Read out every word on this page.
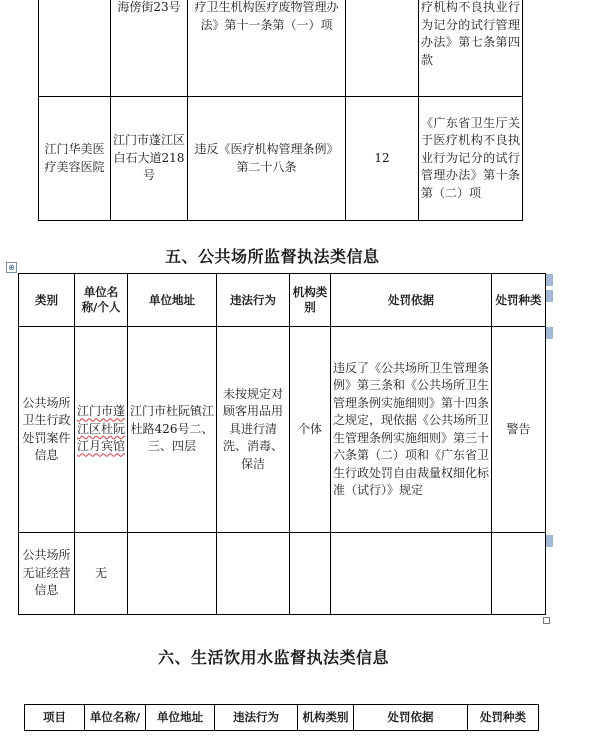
	海傍街23号	疗卫生机构医疗废物管理办法》第十一条第（一）项		疗机构不良执业行为记分的试行管理办法》第七条第四款
江门华美医疗美容医院	江门市蓬江区白石大道218号	违反《医疗机构管理条例》第二十八条	12	《广东省卫生厅关于医疗机构不良执业行为记分的试行管理办法》第十条第（二）项
五、公共场所监督执法类信息
⊕
类别	单位名称/个人	单位地址	违法行为	机构类别	处罚依据	处罚种类
公共场所卫生行政处罚案件信息	江门市蓬江区杜阮江月宾馆	江门市杜阮镇江杜路426号二、三、四层	未按规定对顾客用品用具进行清洗、消毒、保洁	个体	违反了《公共场所卫生管理条例》第三条和《公共场所卫生管理条例实施细则》第十四条之规定，现依据《公共场所卫生管理条例实施细则》第三十六条第（二）项和《广东省卫生行政处罚自由裁量权细化标准（试行）》规定	警告
公共场所无证经营信息	无					
六、生活饮用水监督执法类信息
项目	单位名称/	单位地址	违法行为	机构类别	处罚依据	处罚种类
